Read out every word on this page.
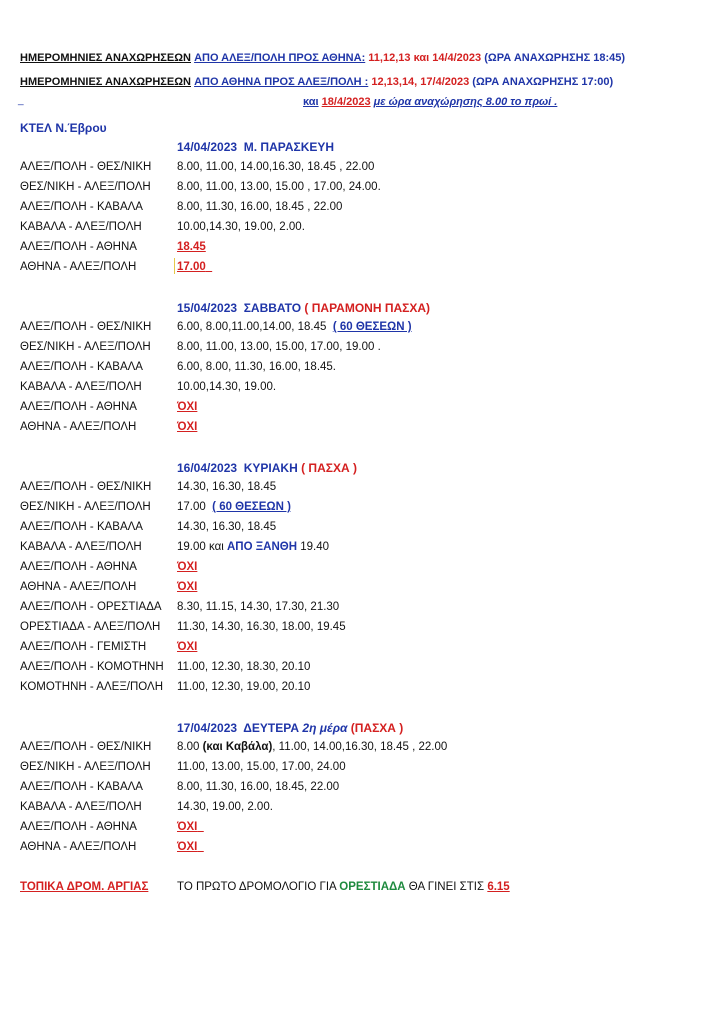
ΗΜΕΡΟΜΗΝΙΕΣ ΑΝΑΧΩΡΗΣΕΩΝ ΑΠΟ ΑΛΕΞ/ΠΟΛΗ ΠΡΟΣ ΑΘΗΝΑ: 11,12,13 και 14/4/2023 (ΩΡΑ ΑΝΑΧΩΡΗΣΗΣ 18:45)
ΗΜΕΡΟΜΗΝΙΕΣ ΑΝΑΧΩΡΗΣΕΩΝ ΑΠΟ ΑΘΗΝΑ ΠΡΟΣ ΑΛΕΞ/ΠΟΛΗ : 12,13,14, 17/4/2023 (ΩΡΑ ΑΝΑΧΩΡΗΣΗΣ 17:00)
_	και 18/4/2023 με ώρα αναχώρησης 8.00 το πρωί .
ΚΤΕΛ Ν.Έβρου
14/04/2023 Μ. ΠΑΡΑΣΚΕΥΗ
ΑΛΕΞ/ΠΟΛΗ - ΘΕΣ/ΝΙΚΗ 8.00, 11.00, 14.00,16.30, 18.45 , 22.00
ΘΕΣ/ΝΙΚΗ - ΑΛΕΞ/ΠΟΛΗ 8.00, 11.00, 13.00, 15.00 , 17.00, 24.00.
ΑΛΕΞ/ΠΟΛΗ - ΚΑΒΑΛΑ	8.00, 11.30, 16.00, 18.45 , 22.00
ΚΑΒΑΛΑ - ΑΛΕΞ/ΠΟΛΗ	10.00,14.30, 19.00, 2.00.
ΑΛΕΞ/ΠΟΛΗ - ΑΘΗΝΑ	18.45
ΑΘΗΝΑ - ΑΛΕΞ/ΠΟΛΗ	17.00
15/04/2023 ΣΑΒΒΑΤΟ ( ΠΑΡΑΜΟΝΗ ΠΑΣΧΑ)
ΑΛΕΞ/ΠΟΛΗ - ΘΕΣ/ΝΙΚΗ 6.00, 8.00,11.00,14.00, 18.45 ( 60 ΘΕΣΕΩΝ )
ΘΕΣ/ΝΙΚΗ - ΑΛΕΞ/ΠΟΛΗ 8.00, 11.00, 13.00, 15.00, 17.00, 19.00 .
ΑΛΕΞ/ΠΟΛΗ - ΚΑΒΑΛΑ	6.00, 8.00, 11.30, 16.00, 18.45.
ΚΑΒΑΛΑ - ΑΛΕΞ/ΠΟΛΗ	10.00,14.30, 19.00.
ΑΛΕΞ/ΠΟΛΗ - ΑΘΗΝΑ	ΌΧΙ
ΑΘΗΝΑ - ΑΛΕΞ/ΠΟΛΗ	ΌΧΙ
16/04/2023 ΚΥΡΙΑΚΗ ( ΠΑΣΧΑ )
ΑΛΕΞ/ΠΟΛΗ - ΘΕΣ/ΝΙΚΗ 14.30, 16.30, 18.45
ΘΕΣ/ΝΙΚΗ - ΑΛΕΞ/ΠΟΛΗ 17.00 ( 60 ΘΕΣΕΩΝ )
ΑΛΕΞ/ΠΟΛΗ - ΚΑΒΑΛΑ	14.30, 16.30, 18.45
ΚΑΒΑΛΑ - ΑΛΕΞ/ΠΟΛΗ	19.00 και ΑΠΟ ΞΑΝΘΗ 19.40
ΑΛΕΞ/ΠΟΛΗ - ΑΘΗΝΑ	ΌΧΙ
ΑΘΗΝΑ - ΑΛΕΞ/ΠΟΛΗ	ΌΧΙ
ΑΛΕΞ/ΠΟΛΗ - ΟΡΕΣΤΙΑΔΑ 8.30, 11.15, 14.30, 17.30, 21.30
ΟΡΕΣΤΙΑΔΑ - ΑΛΕΞ/ΠΟΛΗ 11.30, 14.30, 16.30, 18.00, 19.45
ΑΛΕΞ/ΠΟΛΗ - ΓΕΜΙΣΤΗ	ΌΧΙ
ΑΛΕΞ/ΠΟΛΗ - ΚΟΜΟΤΗΝΗ 11.00, 12.30, 18.30, 20.10
ΚΟΜΟΤΗΝΗ - ΑΛΕΞ/ΠΟΛΗ 11.00, 12.30, 19.00, 20.10
17/04/2023 ΔΕΥΤΕΡΑ 2η μέρα (ΠΑΣΧΑ )
ΑΛΕΞ/ΠΟΛΗ - ΘΕΣ/ΝΙΚΗ 8.00 (και Καβάλα), 11.00, 14.00,16.30, 18.45 , 22.00
ΘΕΣ/ΝΙΚΗ - ΑΛΕΞ/ΠΟΛΗ 11.00, 13.00, 15.00, 17.00, 24.00
ΑΛΕΞ/ΠΟΛΗ - ΚΑΒΑΛΑ	8.00, 11.30, 16.00, 18.45, 22.00
ΚΑΒΑΛΑ - ΑΛΕΞ/ΠΟΛΗ	14.30, 19.00, 2.00.
ΑΛΕΞ/ΠΟΛΗ - ΑΘΗΝΑ	ΌΧΙ
ΑΘΗΝΑ - ΑΛΕΞ/ΠΟΛΗ	ΌΧΙ
ΤΟΠΙΚΑ ΔΡΟΜ. ΑΡΓΙΑΣ ΤΟ ΠΡΩΤΟ ΔΡΟΜΟΛΟΓΙΟ ΓΙΑ ΟΡΕΣΤΙΑΔΑ ΘΑ ΓΙΝΕΙ ΣΤΙΣ 6.15
